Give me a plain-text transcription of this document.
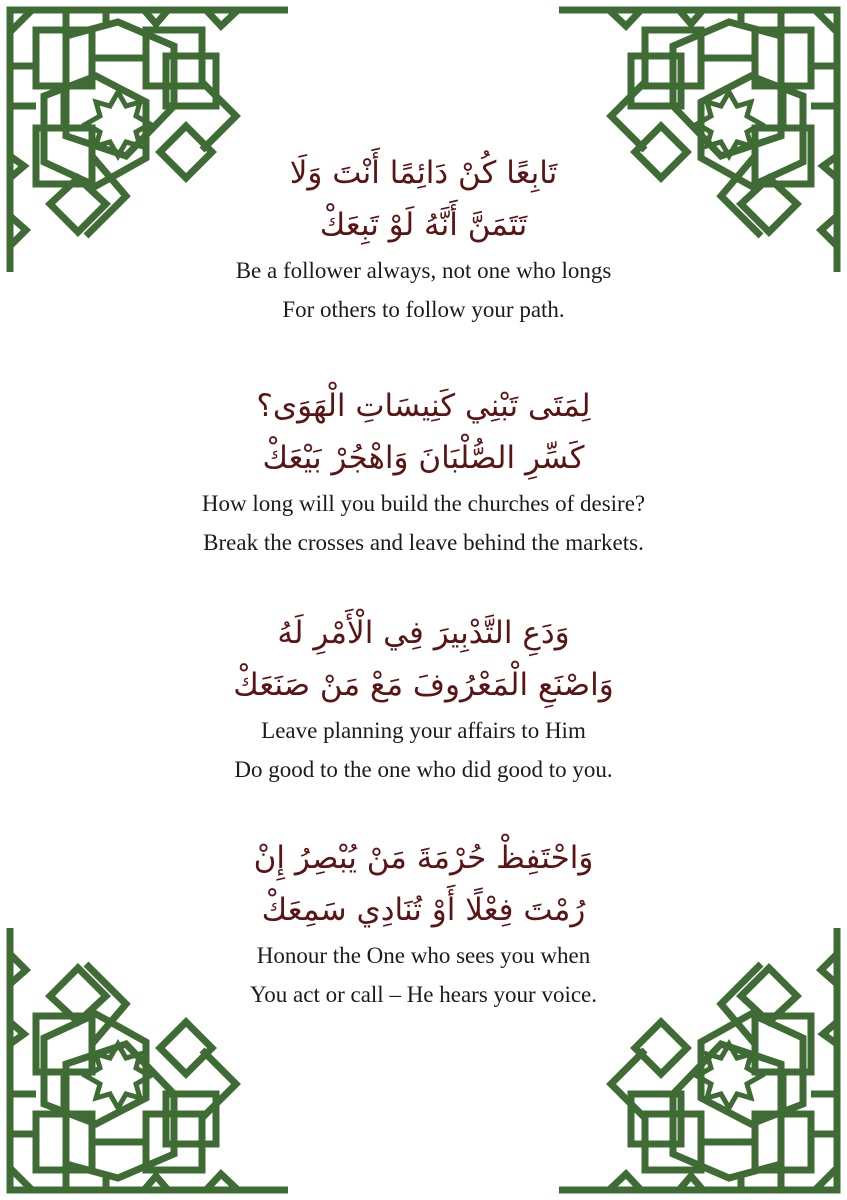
تَابِعًا كُنْ دَائِمًا أَنْتَ وَلَا
تَتَمَنَّ أَنَّهُ لَوْ تَبِعَكْ
Be a follower always, not one who longs
For others to follow your path.
لِمَتَى تَبْنِي كَنِيسَاتِ الْهَوَى؟
كَسِّرِ الصُّلْبَانَ وَاهْجُرْ بَيْعَكْ
How long will you build the churches of desire?
Break the crosses and leave behind the markets.
وَدَعِ التَّدْبِيرَ فِي الْأَمْرِ لَهُ
وَاصْنَعِ الْمَعْرُوفَ مَعْ مَنْ صَنَعَكْ
Leave planning your affairs to Him
Do good to the one who did good to you.
وَاحْتَفِظْ حُرْمَةَ مَنْ يُبْصِرُ إِنْ
رُمْتَ فِعْلًا أَوْ تُنَادِي سَمِعَكْ
Honour the One who sees you when
You act or call – He hears your voice.
